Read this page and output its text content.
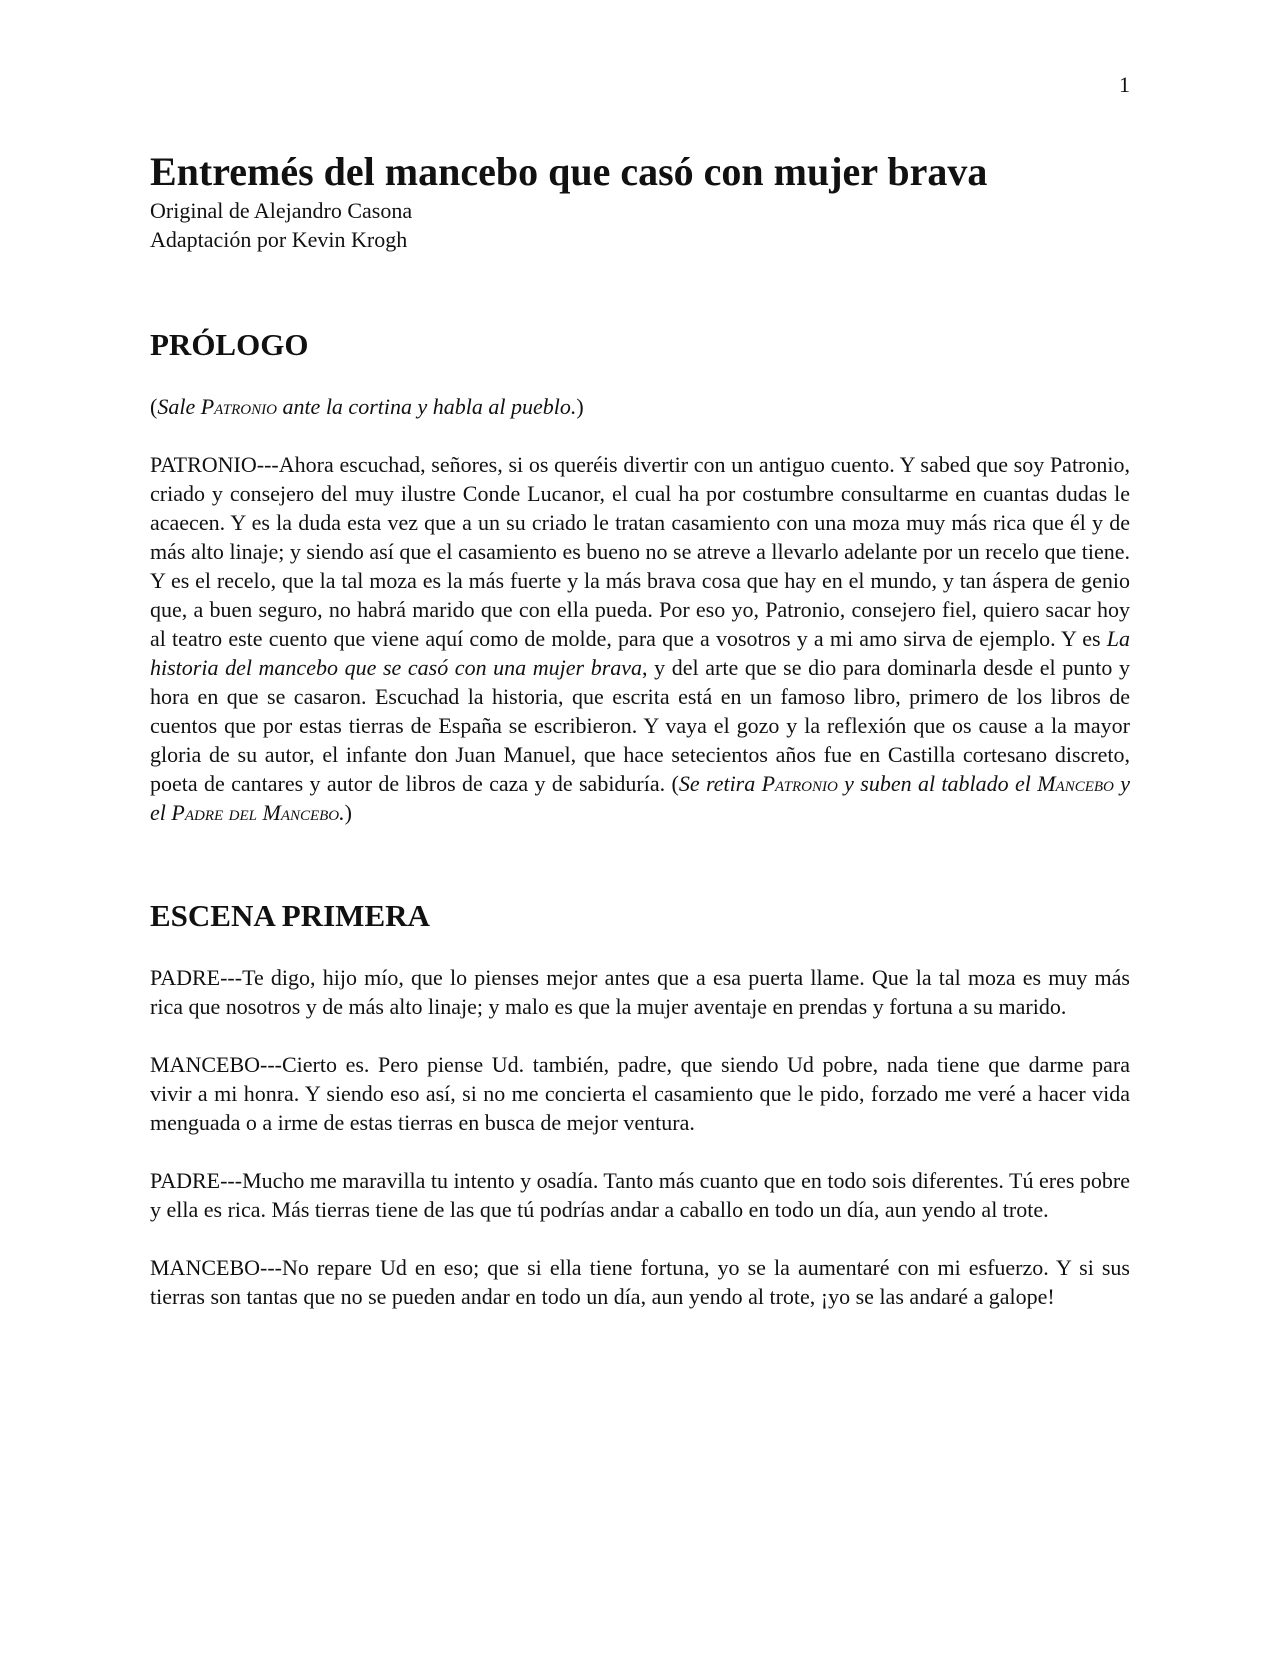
1
Entremés del mancebo que casó con mujer brava

Original de Alejandro Casona

Adaptación por Kevin Krogh

PRÓLOGO

(Sale Patronio ante la cortina y habla al pueblo.)

PATRONIO---Ahora escuchad, señores, si os queréis divertir con un antiguo cuento. Y sabed que soy Patronio, criado y consejero del muy ilustre Conde Lucanor, el cual ha por costumbre consultarme en cuantas dudas le acaecen. Y es la duda esta vez que a un su criado le tratan casamiento con una moza muy más rica que él y de más alto linaje; y siendo así que el casamiento es bueno no se atreve a llevarlo adelante por un recelo que tiene. Y es el recelo, que la tal moza es la más fuerte y la más brava cosa que hay en el mundo, y tan áspera de genio que, a buen seguro, no habrá marido que con ella pueda. Por eso yo, Patronio, consejero fiel, quiero sacar hoy al teatro este cuento que viene aquí como de molde, para que a vosotros y a mi amo sirva de ejemplo. Y es La historia del mancebo que se casó con una mujer brava, y del arte que se dio para dominarla desde el punto y hora en que se casaron. Escuchad la historia, que escrita está en un famoso libro, primero de los libros de cuentos que por estas tierras de España se escribieron. Y vaya el gozo y la reflexión que os cause a la mayor gloria de su autor, el infante don Juan Manuel, que hace setecientos años fue en Castilla cortesano discreto, poeta de cantares y autor de libros de caza y de sabiduría. (Se retira Patronio y suben al tablado el Mancebo y el Padre del Mancebo.)

ESCENA PRIMERA

PADRE---Te digo, hijo mío, que lo pienses mejor antes que a esa puerta llame. Que la tal moza es muy más rica que nosotros y de más alto linaje; y malo es que la mujer aventaje en prendas y fortuna a su marido.

MANCEBO---Cierto es. Pero piense Ud. también, padre, que siendo Ud pobre, nada tiene que darme para vivir a mi honra. Y siendo eso así, si no me concierta el casamiento que le pido, forzado me veré a hacer vida menguada o a irme de estas tierras en busca de mejor ventura.

PADRE---Mucho me maravilla tu intento y osadía. Tanto más cuanto que en todo sois diferentes. Tú eres pobre y ella es rica. Más tierras tiene de las que tú podrías andar a caballo en todo un día, aun yendo al trote.

MANCEBO---No repare Ud en eso; que si ella tiene fortuna, yo se la aumentaré con mi esfuerzo. Y si sus tierras son tantas que no se pueden andar en todo un día, aun yendo al trote, ¡yo se las andaré a galope!
